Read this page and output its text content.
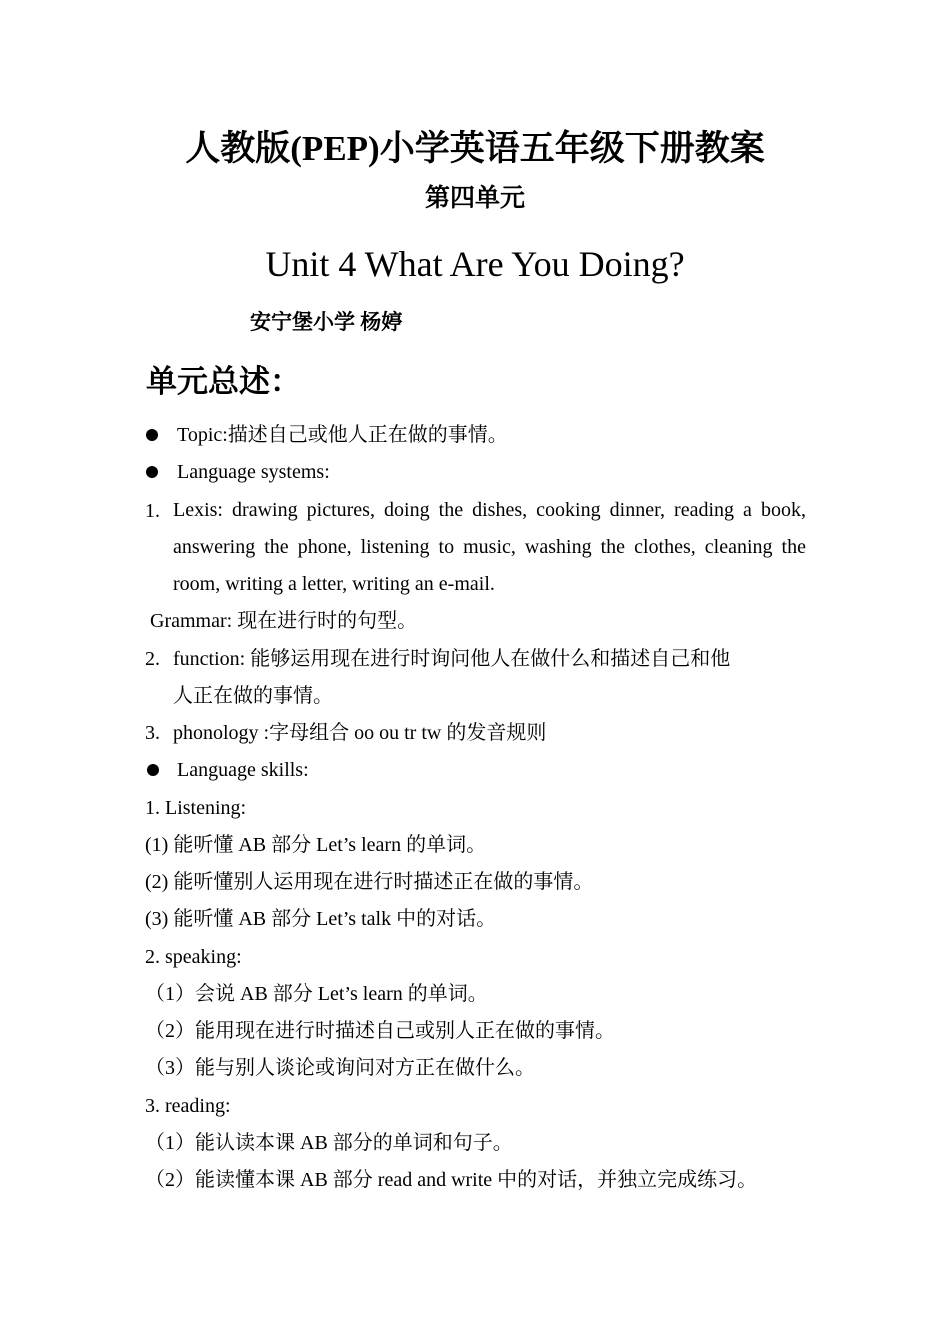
人教版(PEP)小学英语五年级下册教案
第四单元
Unit 4 What Are You Doing?
安宁堡小学 杨婷
单元总述：
Topic:描述自己或他人正在做的事情。
Language systems:
1. Lexis: drawing pictures, doing the dishes, cooking dinner, reading a book, answering the phone, listening to music, washing the clothes, cleaning the room, writing a letter, writing an e-mail.
Grammar: 现在进行时的句型。
2. function: 能够运用现在进行时询问他人在做什么和描述自己和他
人正在做的事情。
3. phonology :字母组合 oo ou tr tw 的发音规则
Language skills:
1. Listening:
(1) 能听懂 AB 部分 Let’s learn 的单词。
(2) 能听懂别人运用现在进行时描述正在做的事情。
(3) 能听懂 AB 部分 Let’s talk 中的对话。
2. speaking:
（1）会说 AB 部分 Let’s learn 的单词。
（2）能用现在进行时描述自己或别人正在做的事情。
（3）能与别人谈论或询问对方正在做什么。
3. reading:
（1）能认读本课 AB 部分的单词和句子。
（2）能读懂本课 AB 部分 read and write 中的对话，并独立完成练习。
